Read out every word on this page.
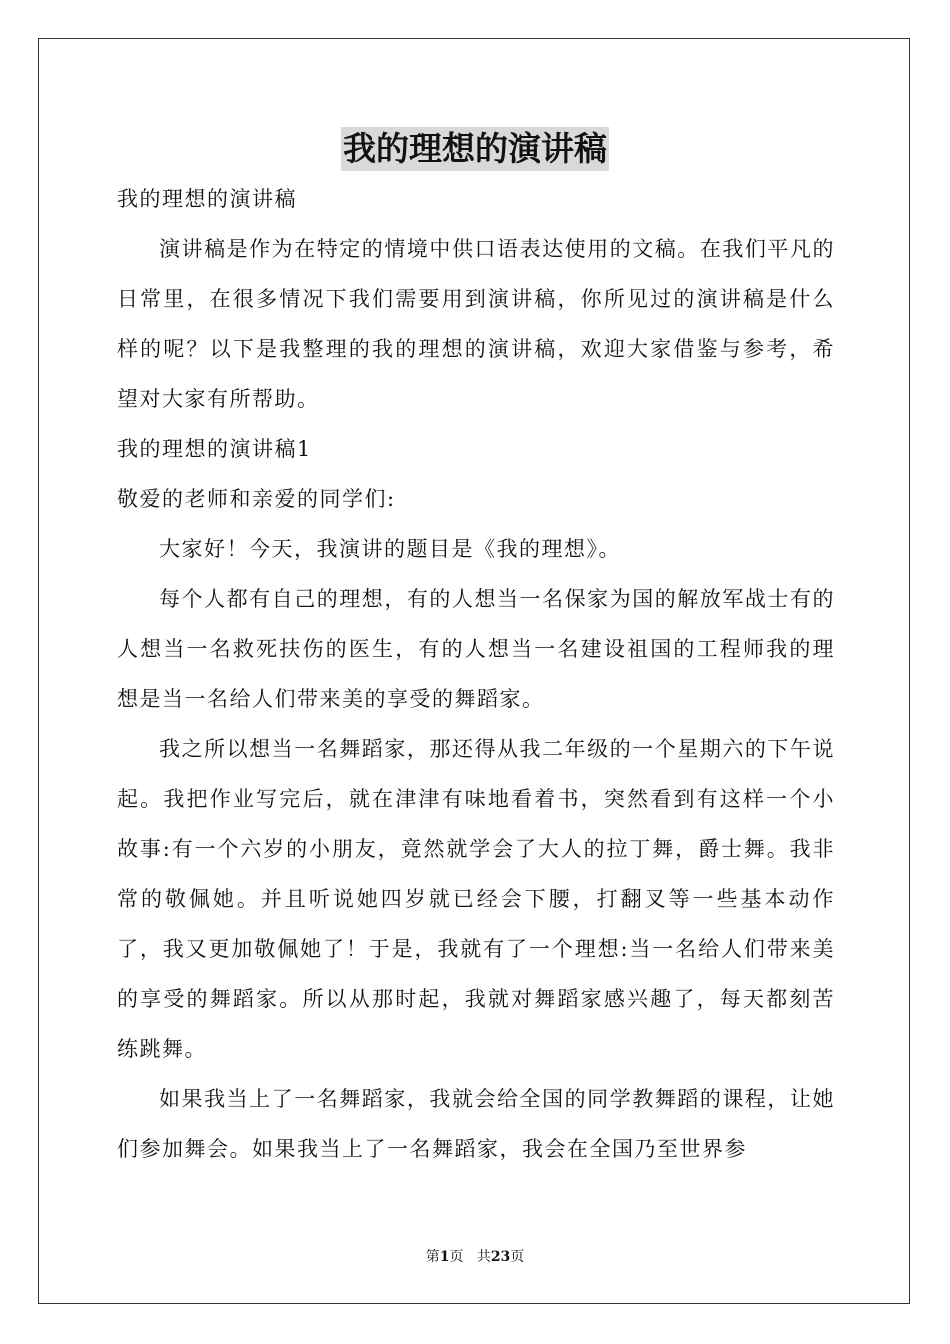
我的理想的演讲稿

我的理想的演讲稿

演讲稿是作为在特定的情境中供口语表达使用的文稿。在我们平凡的日常里，在很多情况下我们需要用到演讲稿，你所见过的演讲稿是什么样的呢？以下是我整理的我的理想的演讲稿，欢迎大家借鉴与参考，希望对大家有所帮助。

我的理想的演讲稿1

敬爱的老师和亲爱的同学们:

大家好！今天，我演讲的题目是《我的理想》。

每个人都有自己的理想，有的人想当一名保家为国的解放军战士有的人想当一名救死扶伤的医生，有的人想当一名建设祖国的工程师我的理想是当一名给人们带来美的享受的舞蹈家。

我之所以想当一名舞蹈家，那还得从我二年级的一个星期六的下午说起。我把作业写完后，就在津津有味地看着书，突然看到有这样一个小故事:有一个六岁的小朋友，竟然就学会了大人的拉丁舞，爵士舞。我非常的敬佩她。并且听说她四岁就已经会下腰，打翻叉等一些基本动作了，我又更加敬佩她了！于是，我就有了一个理想:当一名给人们带来美的享受的舞蹈家。所以从那时起，我就对舞蹈家感兴趣了，每天都刻苦练跳舞。

如果我当上了一名舞蹈家，我就会给全国的同学教舞蹈的课程，让她们参加舞会。如果我当上了一名舞蹈家，我会在全国乃至世界参

第1页 共23页
